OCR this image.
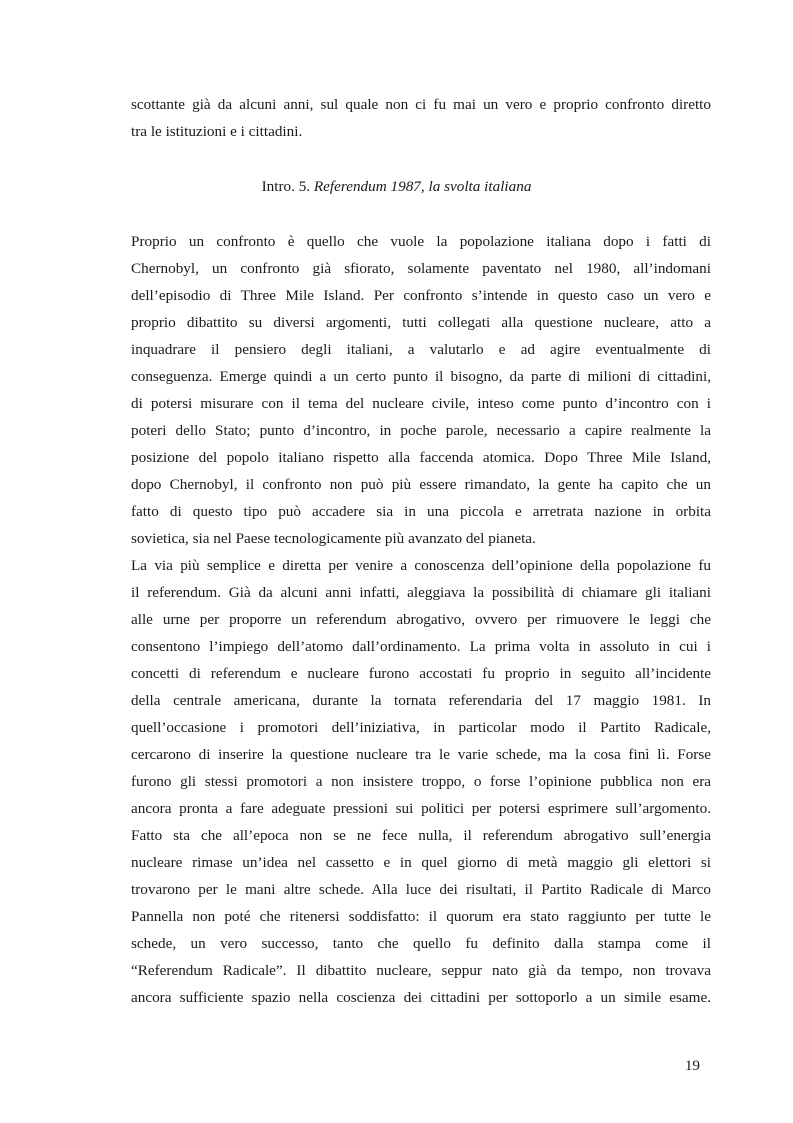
scottante già da alcuni anni, sul quale non ci fu mai un vero e proprio confronto diretto

tra le istituzioni e i cittadini.

Intro. 5. Referendum 1987, la svolta italiana

Proprio un confronto è quello che vuole la popolazione italiana dopo i fatti di

Chernobyl, un confronto già sfiorato, solamente paventato nel 1980, all’indomani

dell’episodio di Three Mile Island. Per confronto s’intende in questo caso un vero e

proprio dibattito su diversi argomenti, tutti collegati alla questione nucleare, atto a

inquadrare il pensiero degli italiani, a valutarlo e ad agire eventualmente di

conseguenza. Emerge quindi a un certo punto il bisogno, da parte di milioni di cittadini,

di potersi misurare con il tema del nucleare civile, inteso come punto d’incontro con i

poteri dello Stato; punto d’incontro, in poche parole, necessario a capire realmente la

posizione del popolo italiano rispetto alla faccenda atomica. Dopo Three Mile Island,

dopo Chernobyl, il confronto non può più essere rimandato, la gente ha capito che un

fatto di questo tipo può accadere sia in una piccola e arretrata nazione in orbita

sovietica, sia nel Paese tecnologicamente più avanzato del pianeta.

La via più semplice e diretta per venire a conoscenza dell’opinione della popolazione fu

il referendum. Già da alcuni anni infatti, aleggiava la possibilità di chiamare gli italiani

alle urne per proporre un referendum abrogativo, ovvero per rimuovere le leggi che

consentono l’impiego dell’atomo dall’ordinamento. La prima volta in assoluto in cui i

concetti di referendum e nucleare furono accostati fu proprio in seguito all’incidente

della centrale americana, durante la tornata referendaria del 17 maggio 1981. In

quell’occasione i promotori dell’iniziativa, in particolar modo il Partito Radicale,

cercarono di inserire la questione nucleare tra le varie schede, ma la cosa finì lì. Forse

furono gli stessi promotori a non insistere troppo, o forse l’opinione pubblica non era

ancora pronta a fare adeguate pressioni sui politici per potersi esprimere sull’argomento.

Fatto sta che all’epoca non se ne fece nulla, il referendum abrogativo sull’energia

nucleare rimase un’idea nel cassetto e in quel giorno di metà maggio gli elettori si

trovarono per le mani altre schede. Alla luce dei risultati, il Partito Radicale di Marco

Pannella non poté che ritenersi soddisfatto: il quorum era stato raggiunto per tutte le

schede, un vero successo, tanto che quello fu definito dalla stampa come il

“Referendum Radicale”. Il dibattito nucleare, seppur nato già da tempo, non trovava

ancora sufficiente spazio nella coscienza dei cittadini per sottoporlo a un simile esame.

19
